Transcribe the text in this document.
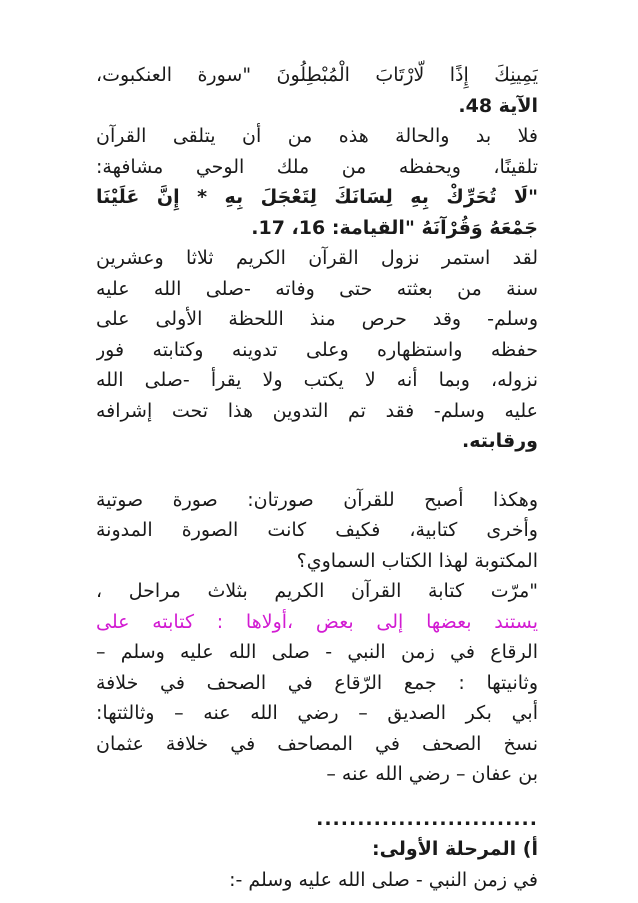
يَمِينِكَ إِذًا لَّارْتَابَ الْمُبْطِلُونَ "سورة العنكبوت،
الآية 48.
فلا بد والحالة هذه من أن يتلقى القرآن
تلقينًا، ويحفظه من ملك الوحي مشافهة:
"لَا تُحَرِّكْ بِهِ لِسَانَكَ لِتَعْجَلَ بِهِ * إِنَّ عَلَيْنَا
جَمْعَهُ وَقُرْآنَهُ "القيامة: 16، 17.
لقد استمر نزول القرآن الكريم ثلاثا وعشرين
سنة من بعثته حتى وفاته -صلى الله عليه
وسلم- وقد حرص منذ اللحظة الأولى على
حفظه واستظهاره وعلى تدوينه وكتابته فور
نزوله، وبما أنه لا يكتب ولا يقرأ -صلى الله
عليه وسلم- فقد تم التدوين هذا تحت إشرافه
ورقابته.
وهكذا أصبح للقرآن صورتان: صورة صوتية
وأخرى كتابية، فكيف كانت الصورة المدونة
المكتوبة لهذا الكتاب السماوي؟
"مرّت كتابة القرآن الكريم بثلاث مراحل ،
يستند بعضها إلى بعض ،أولاها : كتابته على
الرقاع في زمن النبي - صلى الله عليه وسلم –
وثانيتها : جمع الرّقاع في الصحف في خلافة
أبي بكر الصديق – رضي الله عنه – وثالثتها:
نسخ الصحف في المصاحف في خلافة عثمان
بن عفان – رضي الله عنه –
...........................
أ) المرحلة الأولى:
في زمن النبي - صلى الله عليه وسلم -:
